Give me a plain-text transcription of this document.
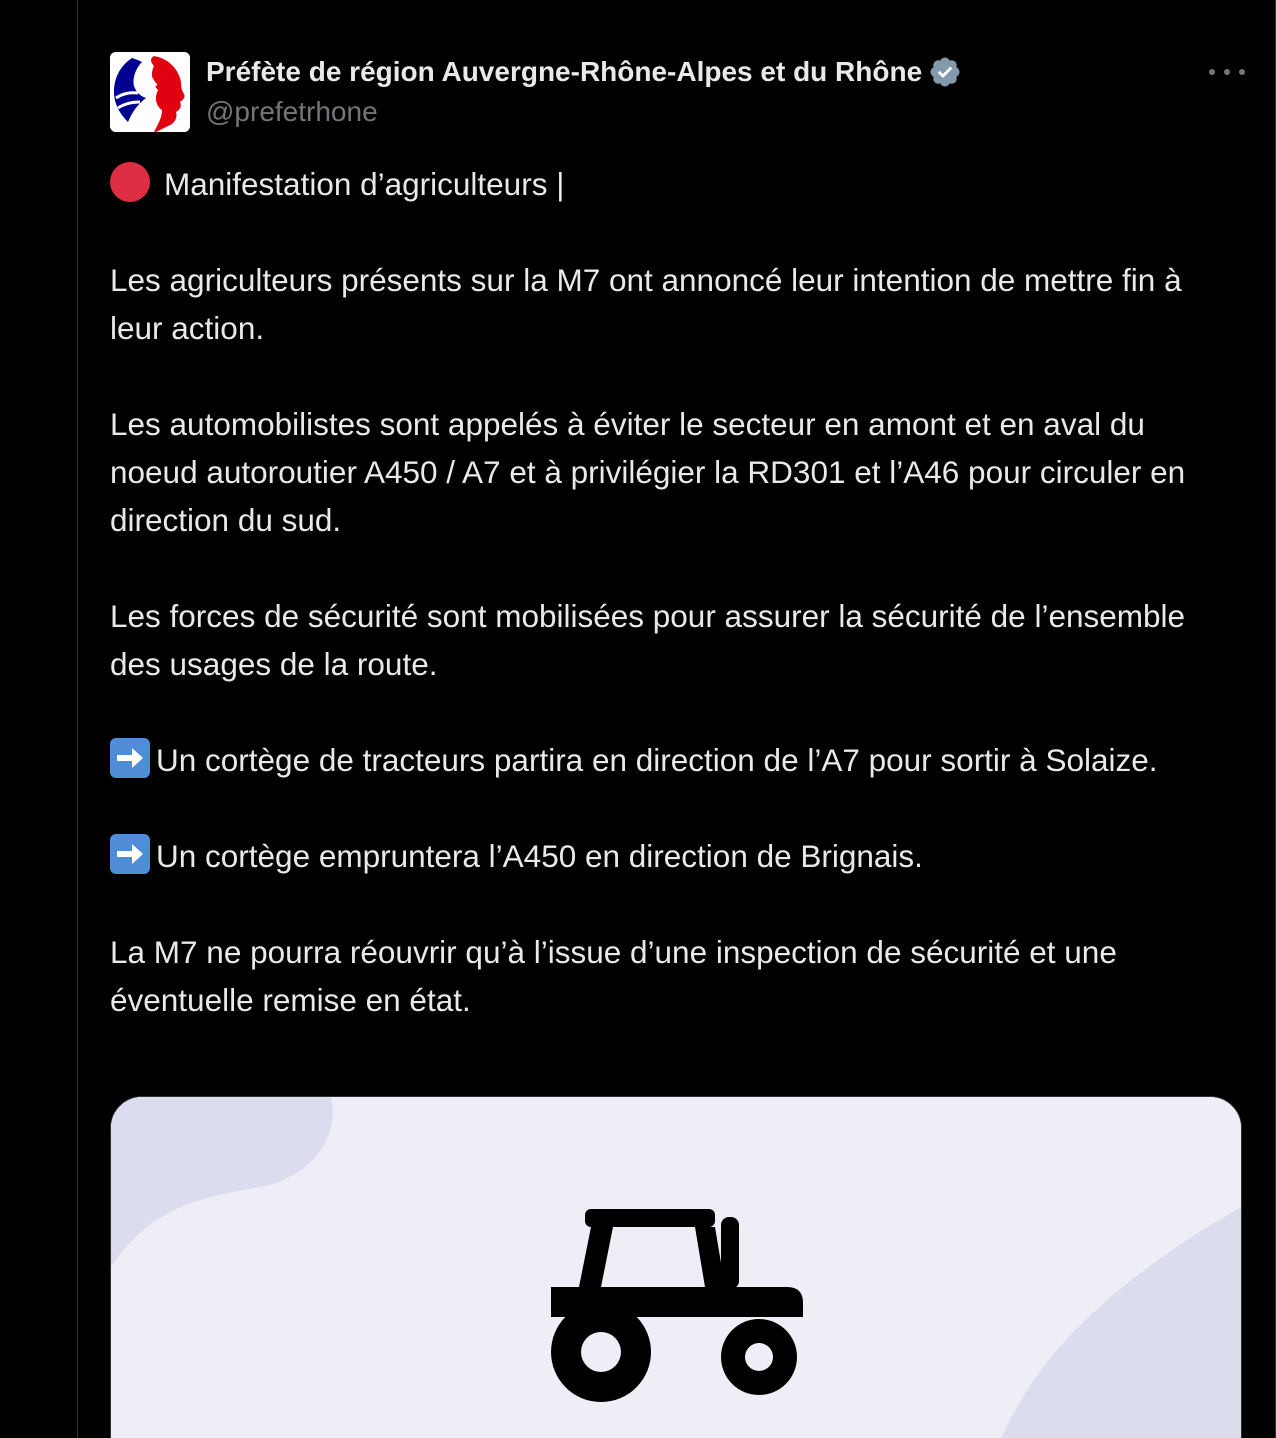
Préfète de région Auvergne-Rhône-Alpes et du Rhône
@prefetrhone

Manifestation d’agriculteurs |

Les agriculteurs présents sur la M7 ont annoncé leur intention de mettre fin à leur action.

Les automobilistes sont appelés à éviter le secteur en amont et en aval du noeud autoroutier A450 / A7 et à privilégier la RD301 et l’A46 pour circuler en direction du sud.

Les forces de sécurité sont mobilisées pour assurer la sécurité de l’ensemble des usages de la route.

Un cortège de tracteurs partira en direction de l’A7 pour sortir à Solaize.

Un cortège empruntera l’A450 en direction de Brignais.

La M7 ne pourra réouvrir qu’à l’issue d’une inspection de sécurité et une éventuelle remise en état.
